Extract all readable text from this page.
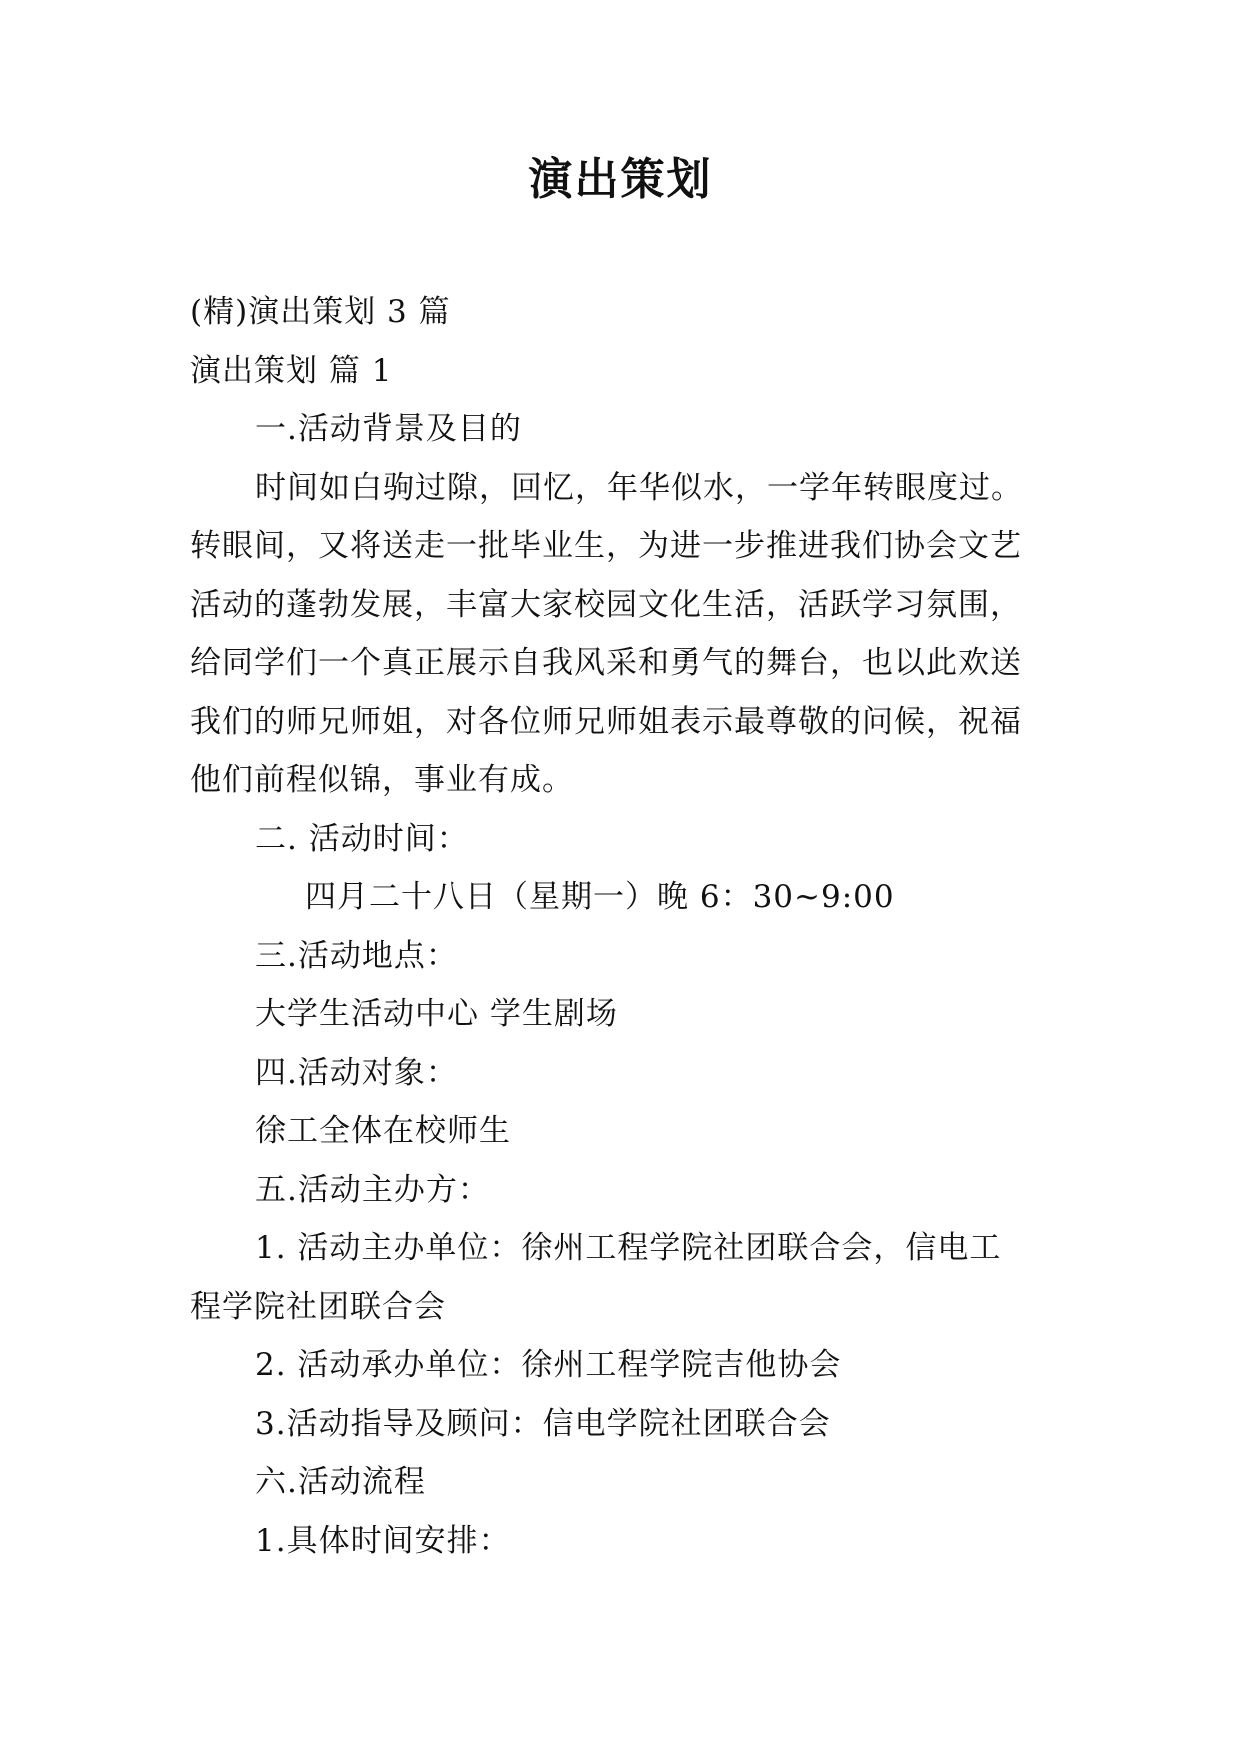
演出策划
(精)演出策划 3 篇
演出策划 篇 1
一.活动背景及目的
时间如白驹过隙，回忆，年华似水，一学年转眼度过。
转眼间，又将送走一批毕业生，为进一步推进我们协会文艺
活动的蓬勃发展，丰富大家校园文化生活，活跃学习氛围，
给同学们一个真正展示自我风采和勇气的舞台，也以此欢送
我们的师兄师姐，对各位师兄师姐表示最尊敬的问候，祝福
他们前程似锦，事业有成。
二. 活动时间：
四月二十八日（星期一）晚 6：30~9:00
三.活动地点：
大学生活动中心 学生剧场
四.活动对象：
徐工全体在校师生
五.活动主办方：
1. 活动主办单位：徐州工程学院社团联合会，信电工
程学院社团联合会
2. 活动承办单位：徐州工程学院吉他协会
3.活动指导及顾问：信电学院社团联合会
六.活动流程
1.具体时间安排：
